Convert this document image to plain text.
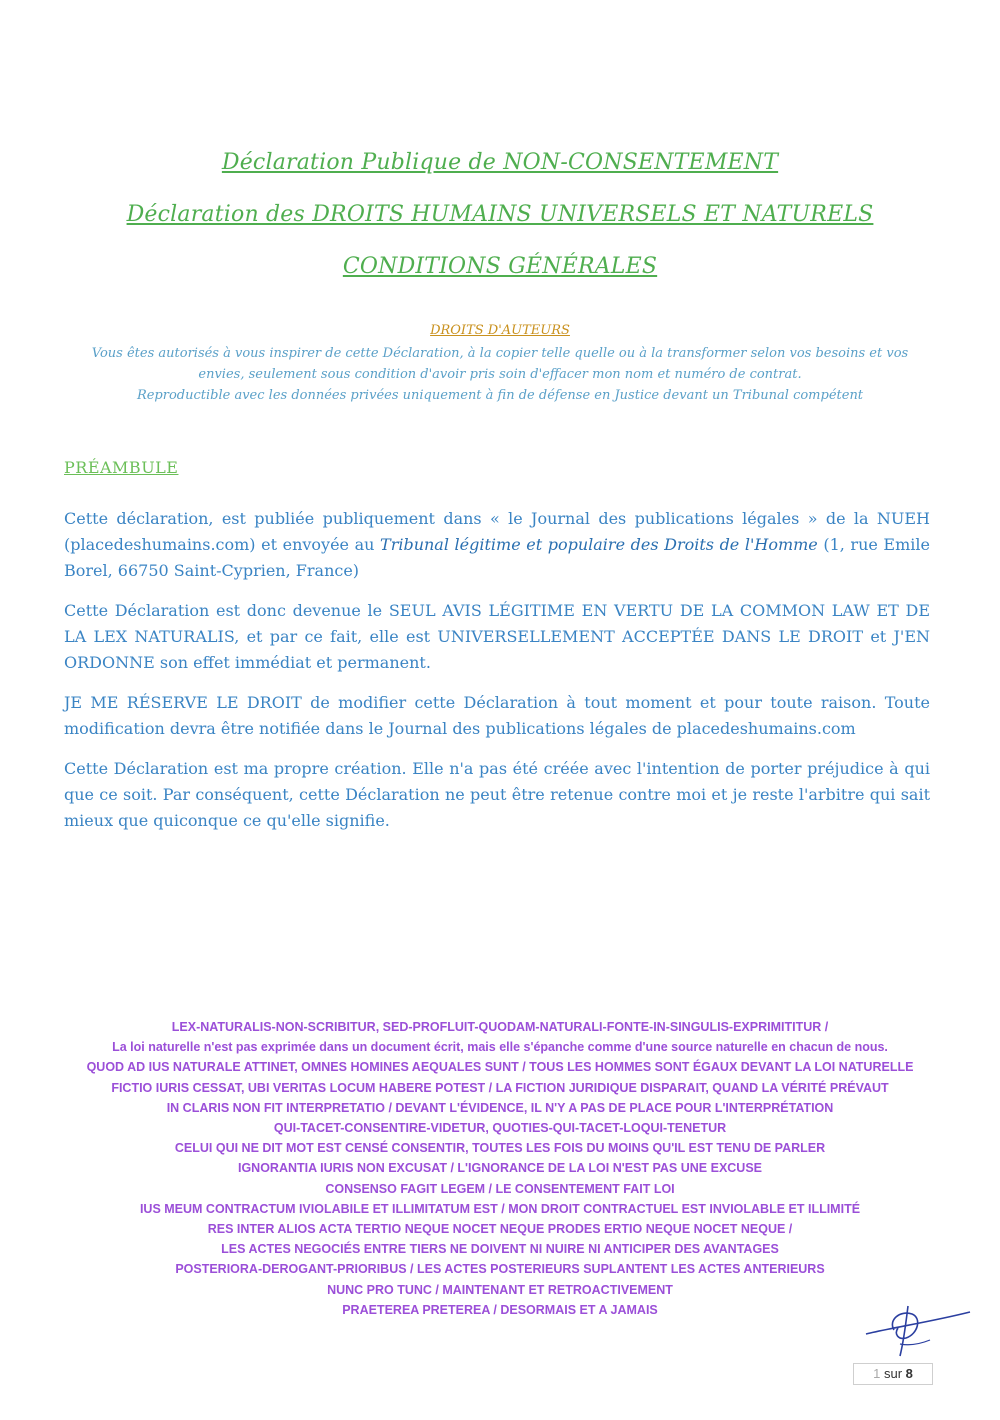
Déclaration Publique de NON-CONSENTEMENT
Déclaration des DROITS HUMAINS UNIVERSELS ET NATURELS
CONDITIONS GÉNÉRALES
DROITS D'AUTEURS
Vous êtes autorisés à vous inspirer de cette Déclaration, à la copier telle quelle ou à la transformer selon vos besoins et vos
envies, seulement sous condition d'avoir pris soin d'effacer mon nom et numéro de contrat.
Reproductible avec les données privées uniquement à fin de défense en Justice devant un Tribunal compétent
PRÉAMBULE

Cette déclaration, est publiée publiquement dans « le Journal des publications légales » de la NUEH (placedeshumains.com) et envoyée au Tribunal légitime et populaire des Droits de l'Homme (1, rue Emile Borel, 66750 Saint-Cyprien, France)

Cette Déclaration est donc devenue le SEUL AVIS LÉGITIME EN VERTU DE LA COMMON LAW ET DE LA LEX NATURALIS, et par ce fait, elle est UNIVERSELLEMENT ACCEPTÉE DANS LE DROIT et J'EN ORDONNE son effet immédiat et permanent.

JE ME RÉSERVE LE DROIT de modifier cette Déclaration à tout moment et pour toute raison. Toute modification devra être notifiée dans le Journal des publications légales de placedeshumains.com

Cette Déclaration est ma propre création. Elle n'a pas été créée avec l'intention de porter préjudice à qui que ce soit. Par conséquent, cette Déclaration ne peut être retenue contre moi et je reste l'arbitre qui sait mieux que quiconque ce qu'elle signifie.

LEX-NATURALIS-NON-SCRIBITUR, SED-PROFLUIT-QUODAM-NATURALI-FONTE-IN-SINGULIS-EXPRIMITITUR /
La loi naturelle n'est pas exprimée dans un document écrit, mais elle s'épanche comme d'une source naturelle en chacun de nous.
QUOD AD IUS NATURALE ATTINET, OMNES HOMINES AEQUALES SUNT / TOUS LES HOMMES SONT ÉGAUX DEVANT LA LOI NATURELLE
FICTIO IURIS CESSAT, UBI VERITAS LOCUM HABERE POTEST / LA FICTION JURIDIQUE DISPARAIT, QUAND LA VÉRITÉ PRÉVAUT
IN CLARIS NON FIT INTERPRETATIO / DEVANT L'ÉVIDENCE, IL N'Y A PAS DE PLACE POUR L'INTERPRÉTATION
QUI-TACET-CONSENTIRE-VIDETUR, QUOTIES-QUI-TACET-LOQUI-TENETUR
CELUI QUI NE DIT MOT EST CENSÉ CONSENTIR, TOUTES LES FOIS DU MOINS QU'IL EST TENU DE PARLER
IGNORANTIA IURIS NON EXCUSAT / L'IGNORANCE DE LA LOI N'EST PAS UNE EXCUSE
CONSENSO FAGIT LEGEM / LE CONSENTEMENT FAIT LOI
IUS MEUM CONTRACTUM IVIOLABILE ET ILLIMITATUM EST / MON DROIT CONTRACTUEL EST INVIOLABLE ET ILLIMITÉ
RES INTER ALIOS ACTA TERTIO NEQUE NOCET NEQUE PRODES ERTIO NEQUE NOCET NEQUE /
LES ACTES NEGOCIÉS ENTRE TIERS NE DOIVENT NI NUIRE NI ANTICIPER DES AVANTAGES
POSTERIORA-DEROGANT-PRIORIBUS / LES ACTES POSTERIEURS SUPLANTENT LES ACTES ANTERIEURS
NUNC PRO TUNC / MAINTENANT ET RETROACTIVEMENT
PRAETEREA PRETEREA / DESORMAIS ET A JAMAIS
1 sur 8
